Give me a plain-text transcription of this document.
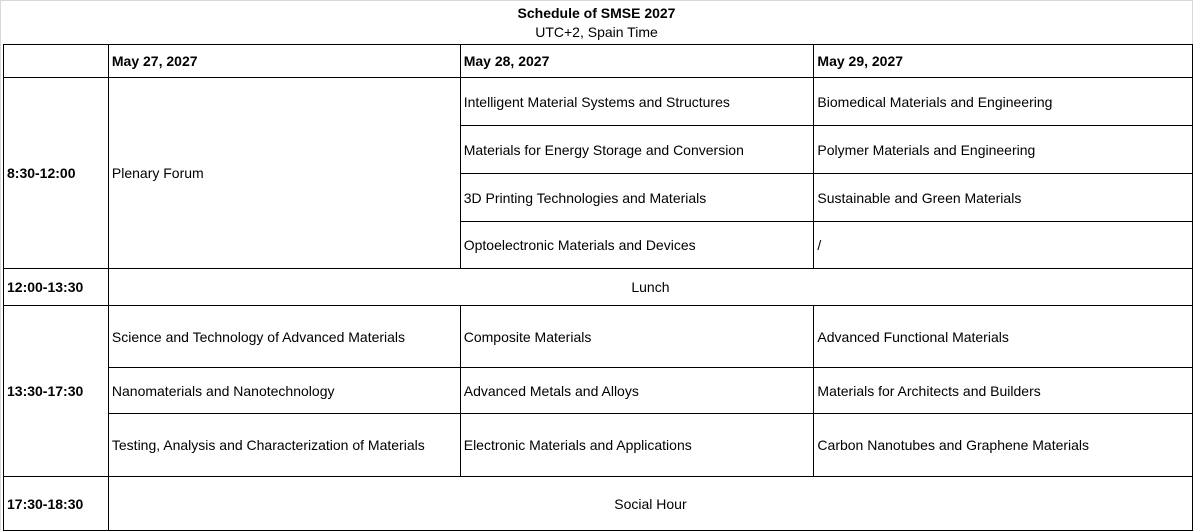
Schedule of SMSE 2027
UTC+2, Spain Time
	May 27, 2027	May 28, 2027	May 29, 2027
8:30-12:00	Plenary Forum	Intelligent Material Systems and Structures	Biomedical Materials and Engineering
		Materials for Energy Storage and Conversion	Polymer Materials and Engineering
		3D Printing Technologies and Materials	Sustainable and Green Materials
		Optoelectronic Materials and Devices	/
12:00-13:30	Lunch		
13:30-17:30	Science and Technology of Advanced Materials	Composite Materials	Advanced Functional Materials
	Nanomaterials and Nanotechnology	Advanced Metals and Alloys	Materials for Architects and Builders
	Testing, Analysis and Characterization of Materials	Electronic Materials and Applications	Carbon Nanotubes and Graphene Materials
17:30-18:30	Social Hour		
